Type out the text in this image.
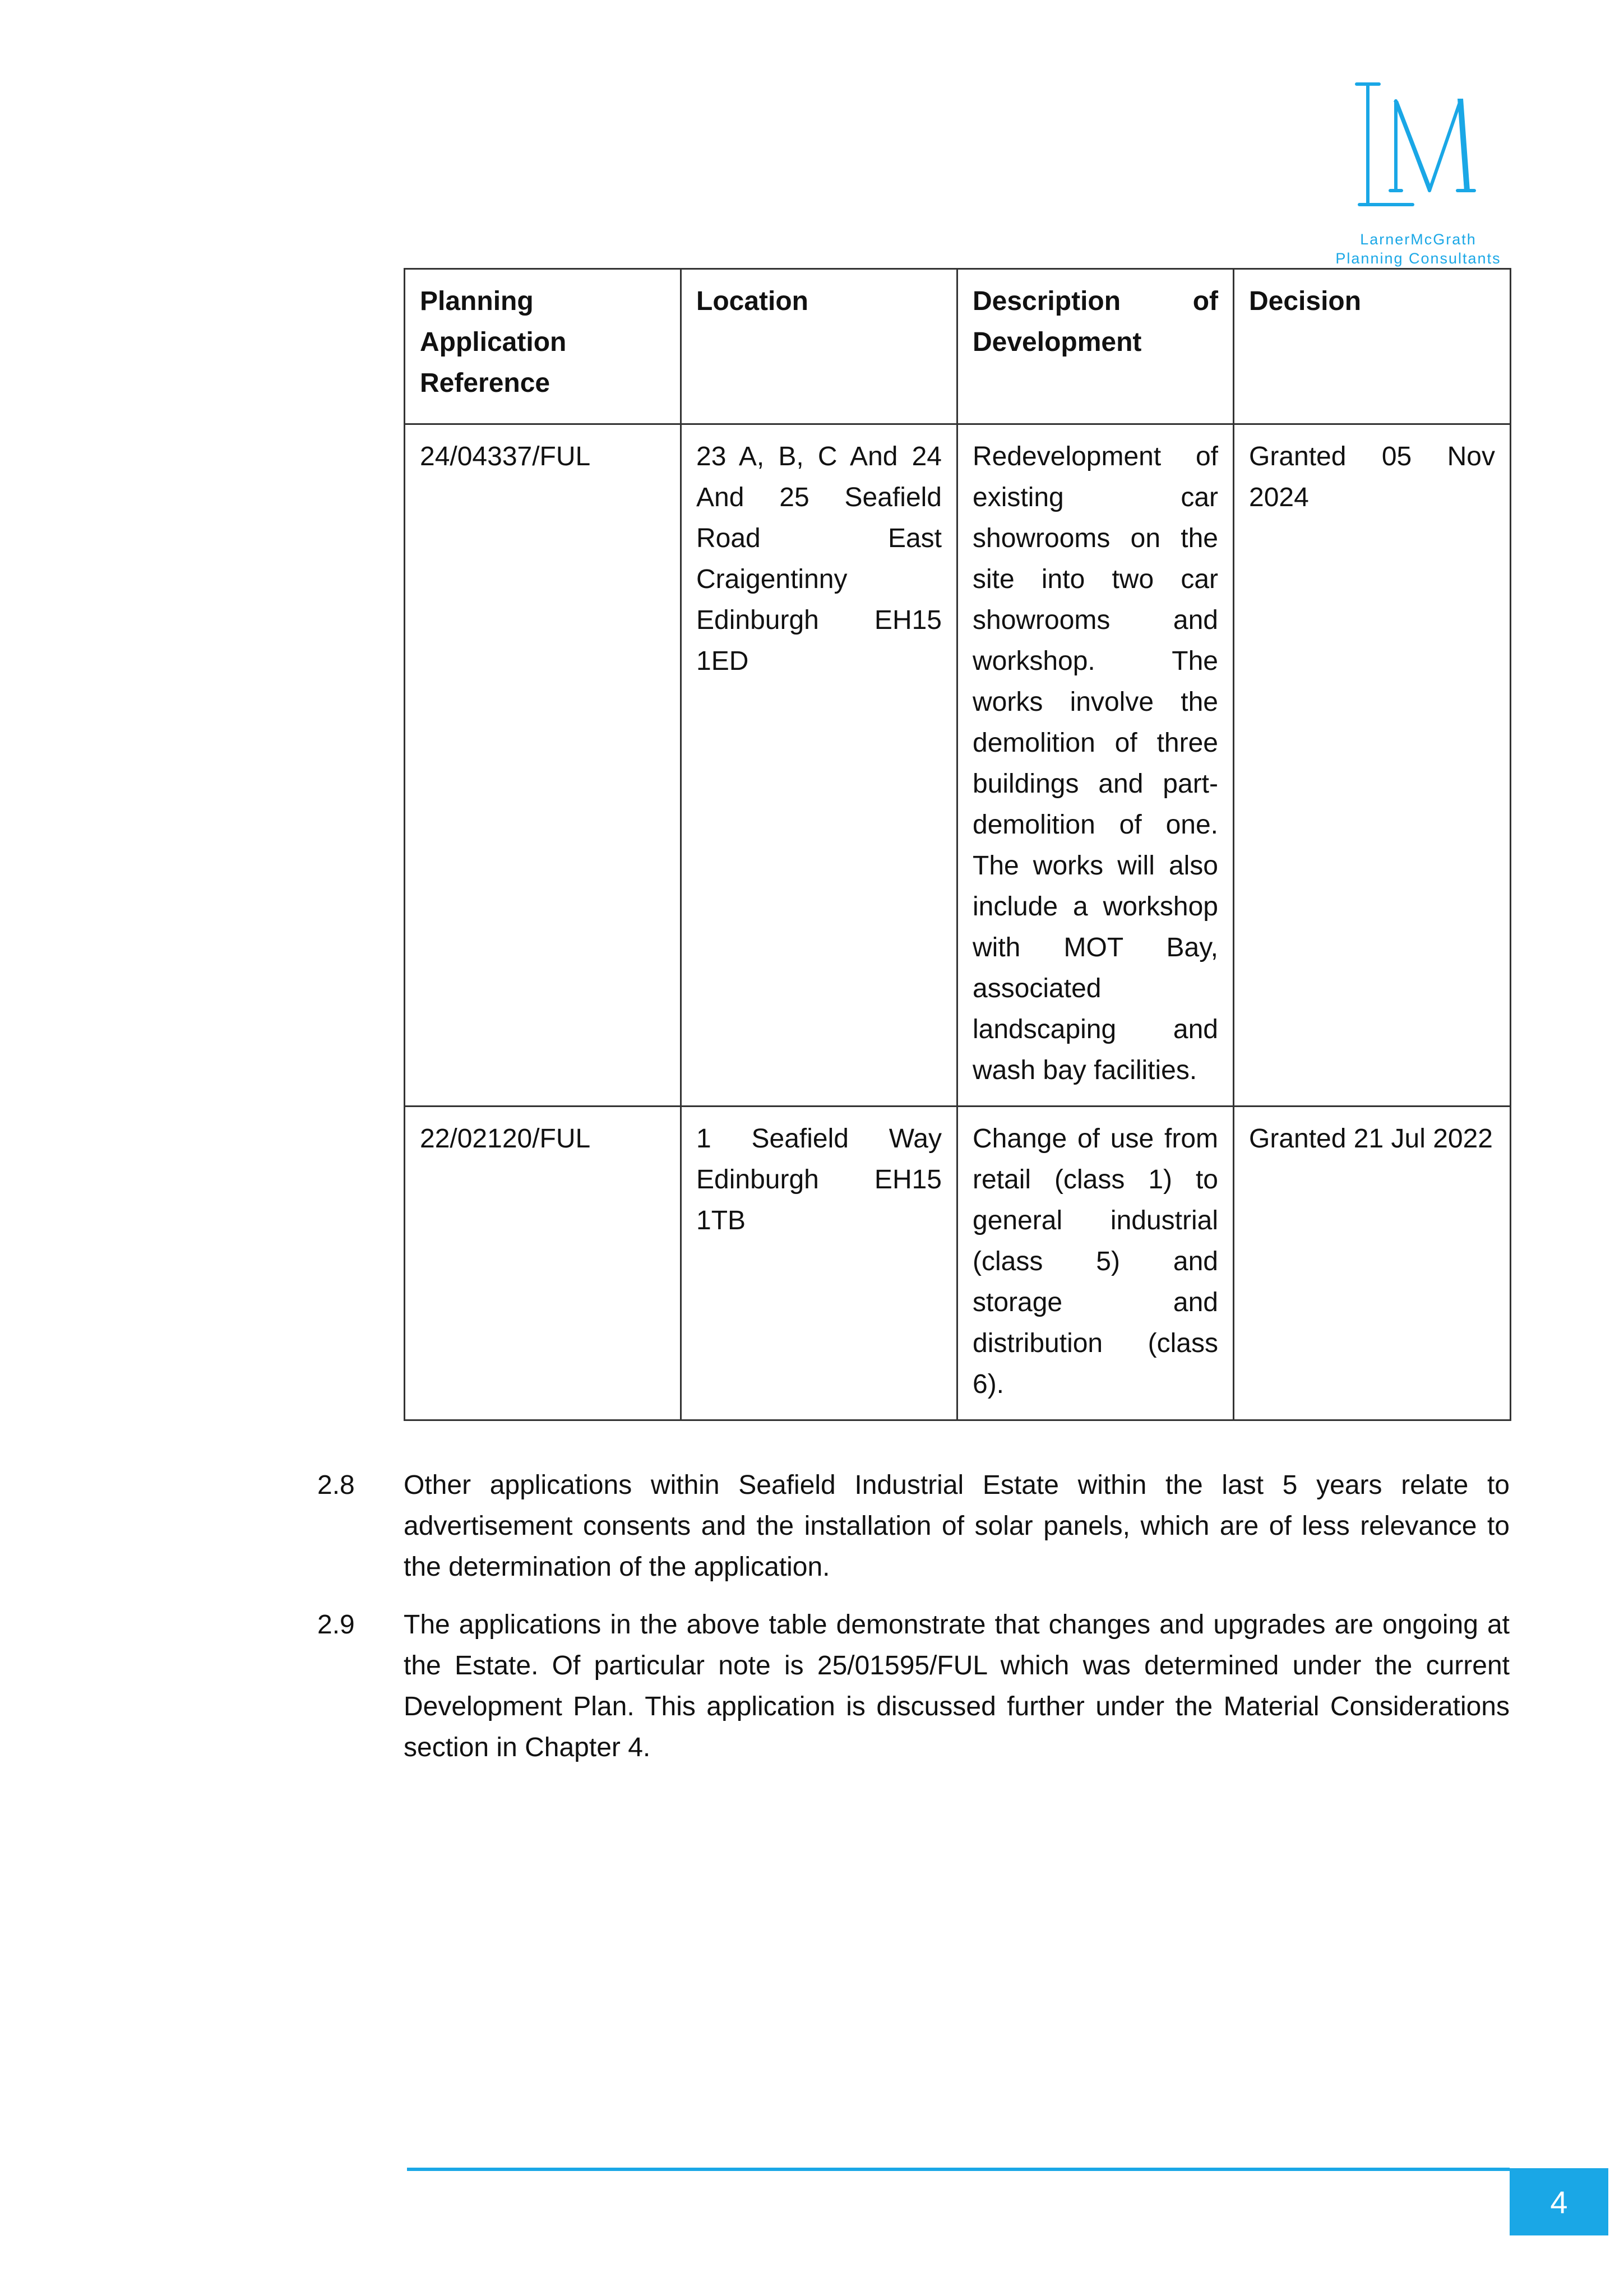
LarnerMcGrath
Planning Consultants
Planning Application Reference	Location	Description of Development	Decision
24/04337/FUL	23 A, B, C And 24 And 25 Seafield Road East Craigentinny Edinburgh EH15 1ED	Redevelopment of existing car showrooms on the site into two car showrooms and workshop. The works involve the demolition of three buildings and part-demolition of one. The works will also include a workshop with MOT Bay, associated landscaping and wash bay facilities.	Granted 05 Nov 2024
22/02120/FUL	1 Seafield Way Edinburgh EH15 1TB	Change of use from retail (class 1) to general industrial (class 5) and storage and distribution (class 6).	Granted 21 Jul 2022
2.8 Other applications within Seafield Industrial Estate within the last 5 years relate to advertisement consents and the installation of solar panels, which are of less relevance to the determination of the application.
2.9 The applications in the above table demonstrate that changes and upgrades are ongoing at the Estate. Of particular note is 25/01595/FUL which was determined under the current Development Plan. This application is discussed further under the Material Considerations section in Chapter 4.
4
